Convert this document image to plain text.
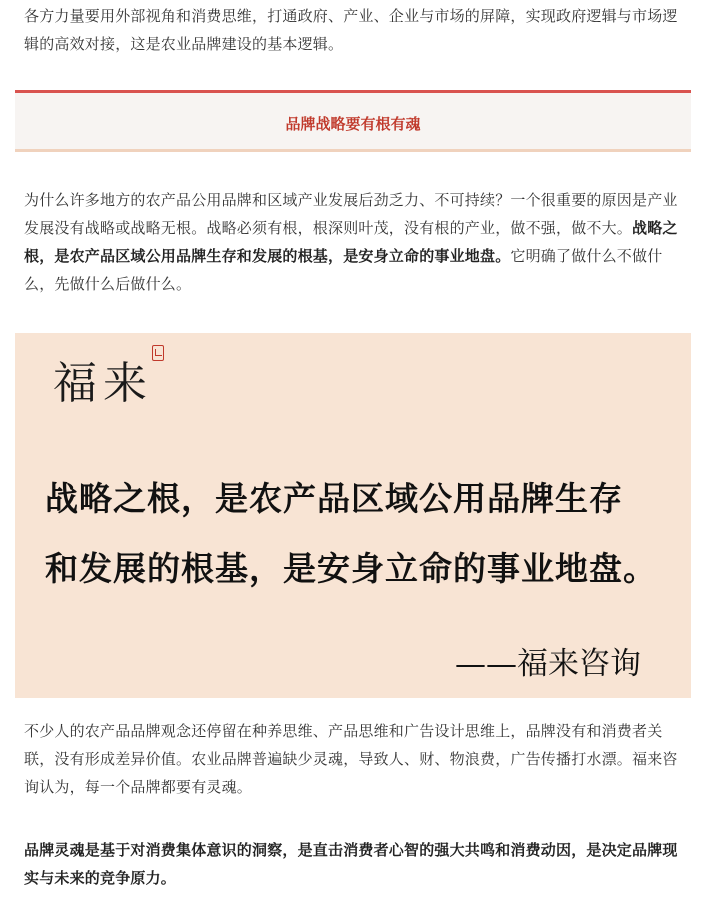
各方力量要用外部视角和消费思维，打通政府、产业、企业与市场的屏障，实现政府逻辑与市场逻辑的高效对接，这是农业品牌建设的基本逻辑。

品牌战略要有根有魂

为什么许多地方的农产品公用品牌和区域产业发展后劲乏力、不可持续？一个很重要的原因是产业发展没有战略或战略无根。战略必须有根，根深则叶茂，没有根的产业，做不强，做不大。战略之根，是农产品区域公用品牌生存和发展的根基，是安身立命的事业地盘。它明确了做什么不做什么，先做什么后做什么。

福来
战略之根，是农产品区域公用品牌生存
和发展的根基，是安身立命的事业地盘。
——福来咨询

不少人的农产品品牌观念还停留在种养思维、产品思维和广告设计思维上，品牌没有和消费者关联，没有形成差异价值。农业品牌普遍缺少灵魂，导致人、财、物浪费，广告传播打水漂。福来咨询认为，每一个品牌都要有灵魂。

品牌灵魂是基于对消费集体意识的洞察，是直击消费者心智的强大共鸣和消费动因，是决定品牌现实与未来的竞争原力。
